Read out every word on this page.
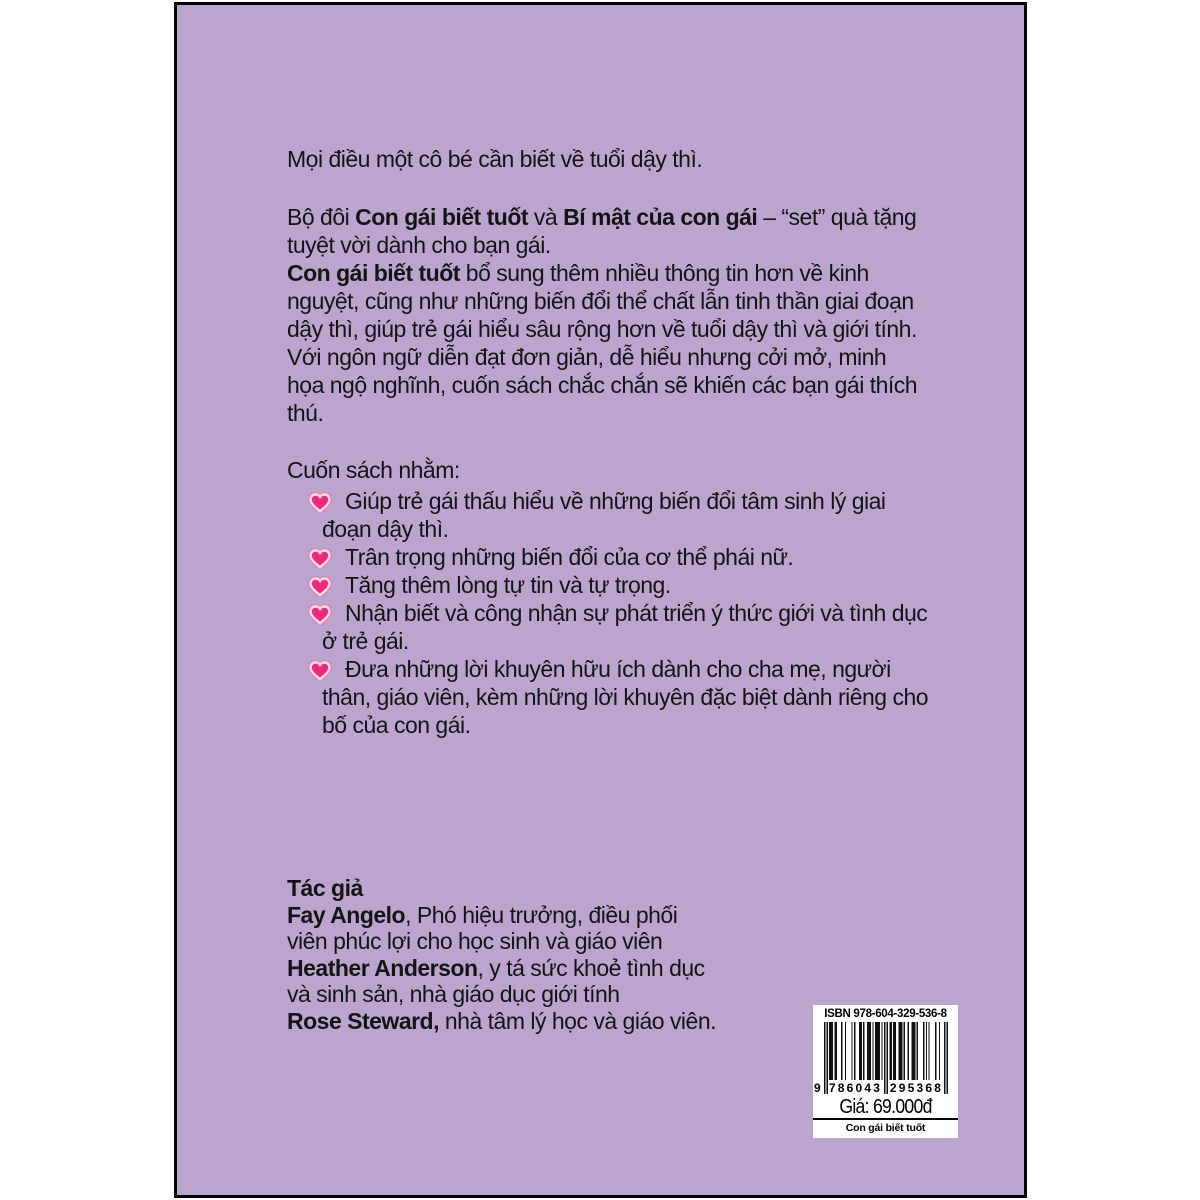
Mọi điều một cô bé cần biết về tuổi dậy thì.
Bộ đôi Con gái biết tuốt và Bí mật của con gái – “set” quà tặng
tuyệt vời dành cho bạn gái.
Con gái biết tuốt bổ sung thêm nhiều thông tin hơn về kinh
nguyệt, cũng như những biến đổi thể chất lẫn tinh thần giai đoạn
dậy thì, giúp trẻ gái hiểu sâu rộng hơn về tuổi dậy thì và giới tính.
Với ngôn ngữ diễn đạt đơn giản, dễ hiểu nhưng cởi mở, minh
họa ngộ nghĩnh, cuốn sách chắc chắn sẽ khiến các bạn gái thích
thú.
Cuốn sách nhằm:
Giúp trẻ gái thấu hiểu về những biến đổi tâm sinh lý giai
đoạn dậy thì.
Trân trọng những biến đổi của cơ thể phái nữ.
Tăng thêm lòng tự tin và tự trọng.
Nhận biết và công nhận sự phát triển ý thức giới và tình dục
ở trẻ gái.
Đưa những lời khuyên hữu ích dành cho cha mẹ, người
thân, giáo viên, kèm những lời khuyên đặc biệt dành riêng cho
bố của con gái.
Tác giả
Fay Angelo, Phó hiệu trưởng, điều phối
viên phúc lợi cho học sinh và giáo viên
Heather Anderson, y tá sức khoẻ tình dục
và sinh sản, nhà giáo dục giới tính
Rose Steward, nhà tâm lý học và giáo viên.	ISBN 978-604-329-536-8
9 786043 295368
Giá: 69.000đ
Con gái biết tuốt
